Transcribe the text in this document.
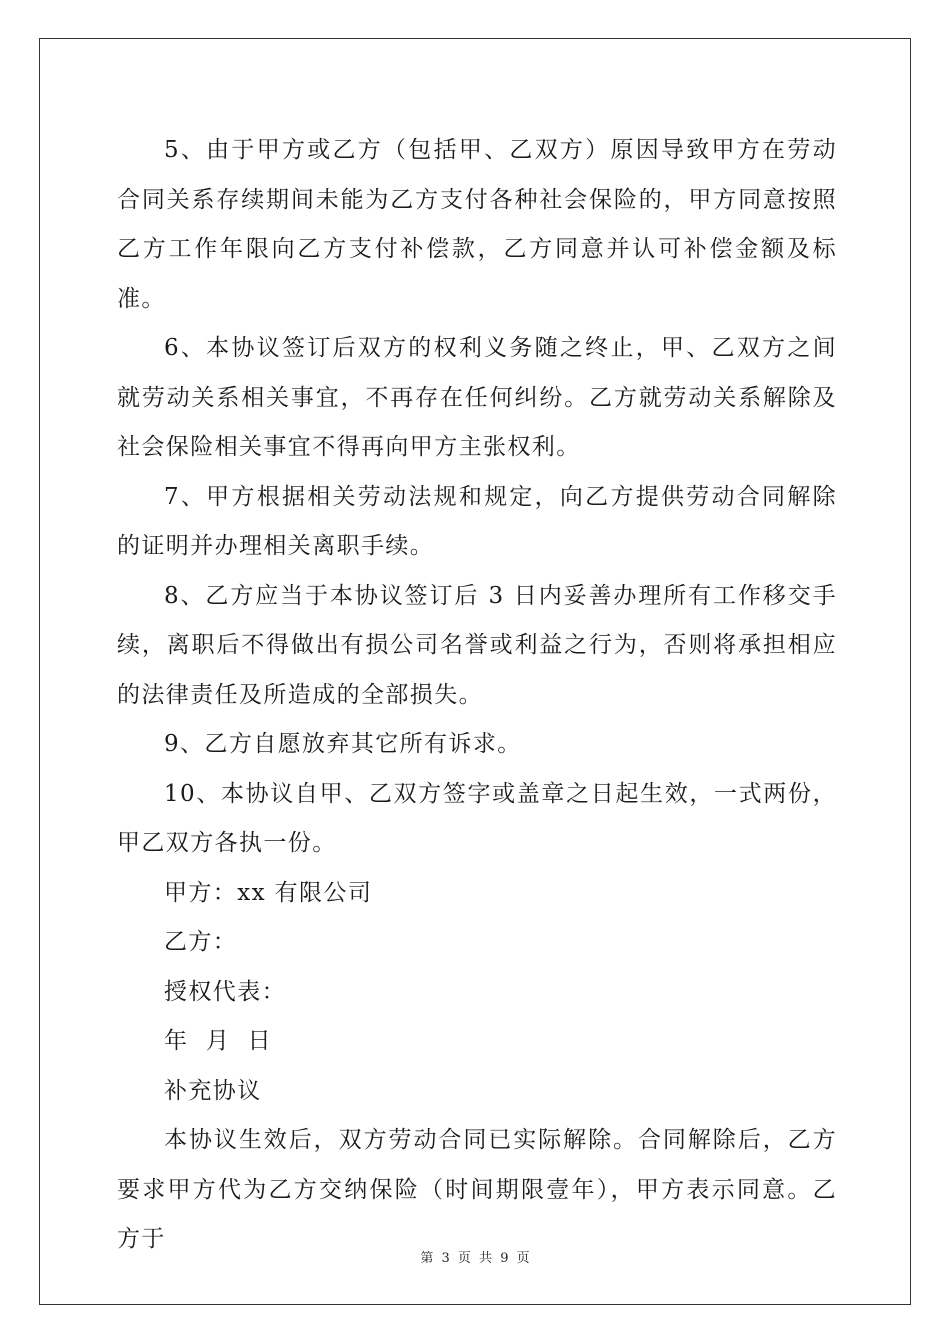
5、由于甲方或乙方（包括甲、乙双方）原因导致甲方在劳动合同关系存续期间未能为乙方支付各种社会保险的，甲方同意按照乙方工作年限向乙方支付补偿款，乙方同意并认可补偿金额及标准。

6、本协议签订后双方的权利义务随之终止，甲、乙双方之间就劳动关系相关事宜，不再存在任何纠纷。乙方就劳动关系解除及社会保险相关事宜不得再向甲方主张权利。

7、甲方根据相关劳动法规和规定，向乙方提供劳动合同解除的证明并办理相关离职手续。

8、乙方应当于本协议签订后 3 日内妥善办理所有工作移交手续，离职后不得做出有损公司名誉或利益之行为，否则将承担相应的法律责任及所造成的全部损失。

9、乙方自愿放弃其它所有诉求。

10、本协议自甲、乙双方签字或盖章之日起生效，一式两份，甲乙双方各执一份。

甲方：xx 有限公司

乙方：

授权代表：

年  月  日

补充协议

本协议生效后，双方劳动合同已实际解除。合同解除后，乙方要求甲方代为乙方交纳保险（时间期限壹年），甲方表示同意。乙方于

第 3 页 共 9 页
